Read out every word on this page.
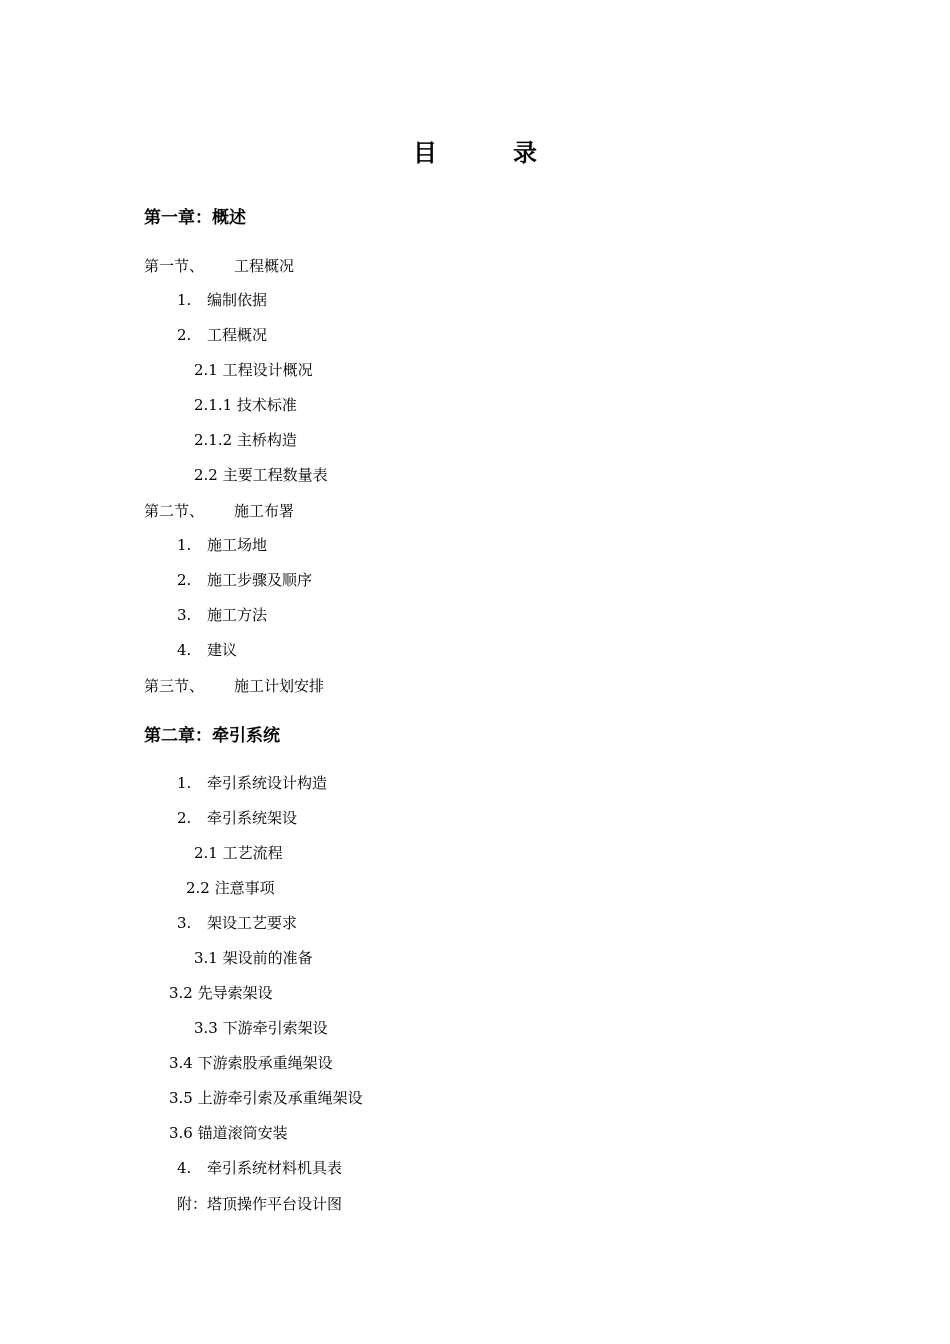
目	录
第一章：概述
第一节、 工程概况
1. 编制依据
2. 工程概况
2.1 工程设计概况
2.1.1 技术标准
2.1.2 主桥构造
2.2 主要工程数量表
第二节、 施工布署
1. 施工场地
2. 施工步骤及顺序
3. 施工方法
4. 建议
第三节、 施工计划安排
第二章：牵引系统
1. 牵引系统设计构造
2. 牵引系统架设
2.1 工艺流程
2.2 注意事项
3. 架设工艺要求
3.1 架设前的准备
3.2 先导索架设
3.3 下游牵引索架设
3.4 下游索股承重绳架设
3.5 上游牵引索及承重绳架设
3.6 锚道滚筒安装
4. 牵引系统材料机具表
附：塔顶操作平台设计图
